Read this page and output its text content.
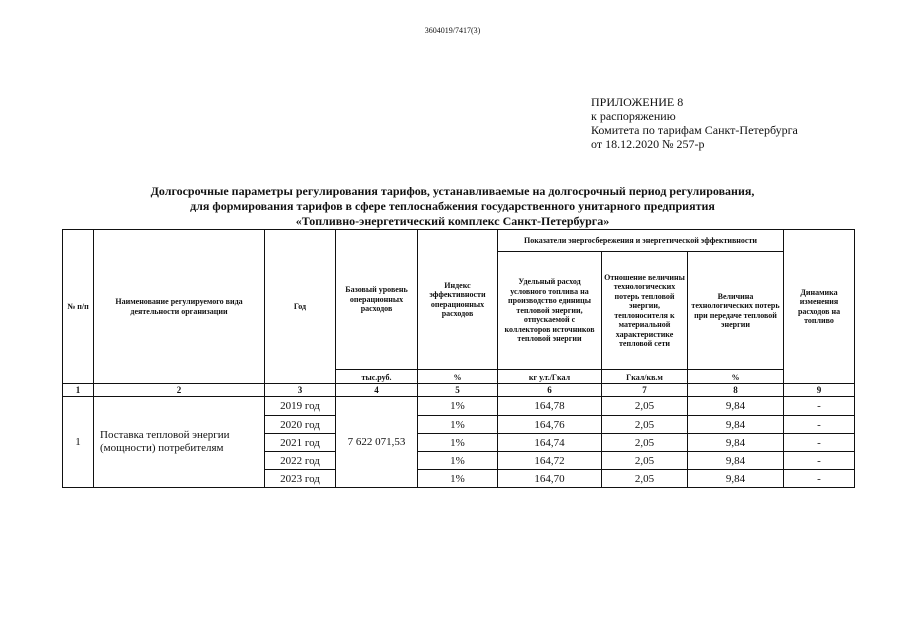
3604019/7417(3)
ПРИЛОЖЕНИЕ 8
к распоряжению
Комитета по тарифам Санкт-Петербурга
от 18.12.2020 № 257-р
Долгосрочные параметры регулирования тарифов, устанавливаемые на долгосрочный период регулирования,
для формирования тарифов в сфере теплоснабжения государственного унитарного предприятия
«Топливно-энергетический комплекс Санкт-Петербурга»
№ п/п	Наименование регулируемого вида деятельности организации	Год	Базовый уровень операционных расходов	Индекс эффективности операционных расходов	Показатели энергосбережения и энергетической эффективности			Динамика изменения расходов на топливо
					Удельный расход условного топлива на производство единицы тепловой энергии, отпускаемой с коллекторов источников тепловой энергии	Отношение величины технологических потерь тепловой энергии, теплоносителя к материальной характеристике тепловой сети	Величина технологических потерь при передаче тепловой энергии	
			тыс.руб.	%	кг у.т./Гкал	Гкал/кв.м	%	
1	2	3	4	5	6	7	8	9
1	Поставка тепловой энергии (мощности) потребителям	2019 год	7 622 071,53	1%	164,78	2,05	9,84	-
		2020 год		1%	164,76	2,05	9,84	-
		2021 год		1%	164,74	2,05	9,84	-
		2022 год		1%	164,72	2,05	9,84	-
		2023 год		1%	164,70	2,05	9,84	-
